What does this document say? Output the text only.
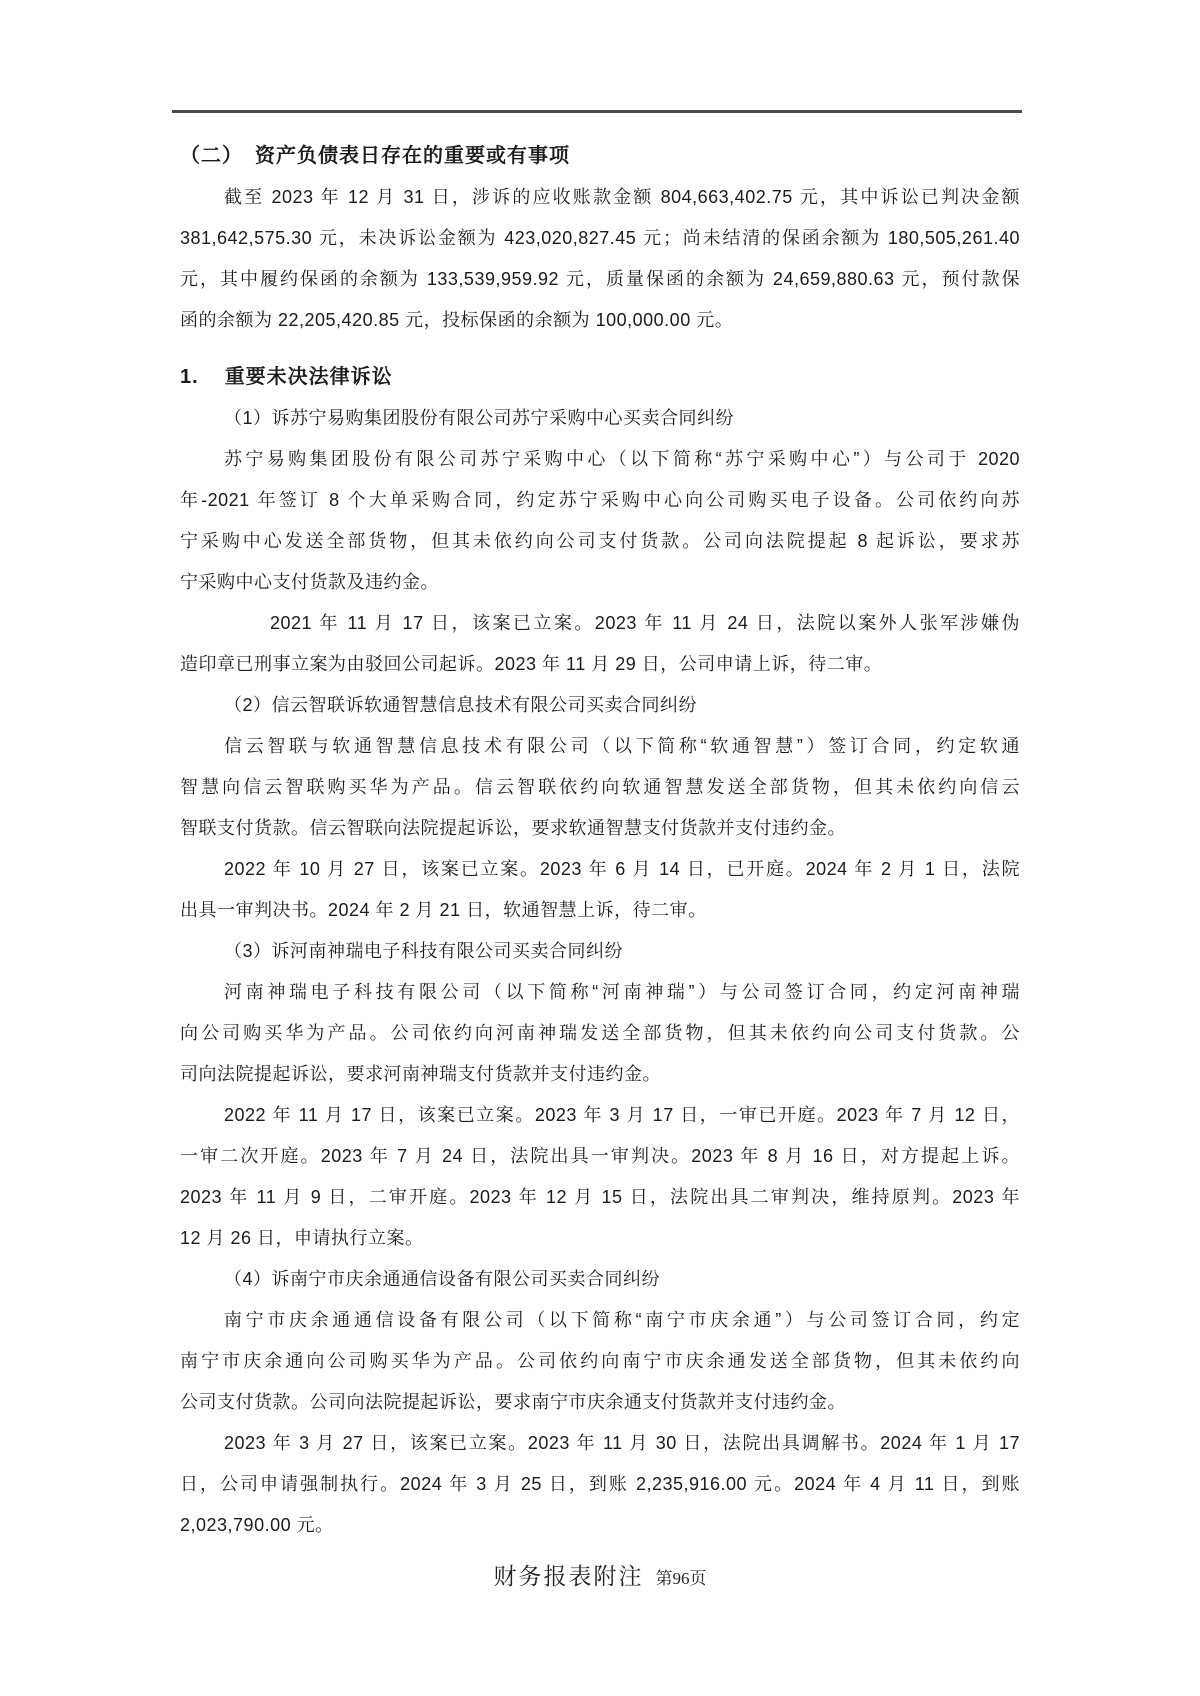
（二） 资产负债表日存在的重要或有事项
截至 2023 年 12 月 31 日，涉诉的应收账款金额 804,663,402.75 元，其中诉讼已判决金额
381,642,575.30 元，未决诉讼金额为 423,020,827.45 元；尚未结清的保函余额为 180,505,261.40
元，其中履约保函的余额为 133,539,959.92 元，质量保函的余额为 24,659,880.63 元，预付款保
函的余额为 22,205,420.85 元，投标保函的余额为 100,000.00 元。
1. 重要未决法律诉讼
（1）诉苏宁易购集团股份有限公司苏宁采购中心买卖合同纠纷
苏宁易购集团股份有限公司苏宁采购中心（以下简称“苏宁采购中心”）与公司于 2020
年-2021 年签订 8 个大单采购合同，约定苏宁采购中心向公司购买电子设备。公司依约向苏
宁采购中心发送全部货物，但其未依约向公司支付货款。公司向法院提起 8 起诉讼，要求苏
宁采购中心支付货款及违约金。
2021 年 11 月 17 日，该案已立案。2023 年 11 月 24 日，法院以案外人张军涉嫌伪
造印章已刑事立案为由驳回公司起诉。2023 年 11 月 29 日，公司申请上诉，待二审。
（2）信云智联诉软通智慧信息技术有限公司买卖合同纠纷
信云智联与软通智慧信息技术有限公司（以下简称“软通智慧”）签订合同，约定软通
智慧向信云智联购买华为产品。信云智联依约向软通智慧发送全部货物，但其未依约向信云
智联支付货款。信云智联向法院提起诉讼，要求软通智慧支付货款并支付违约金。
2022 年 10 月 27 日，该案已立案。2023 年 6 月 14 日，已开庭。2024 年 2 月 1 日，法院
出具一审判决书。2024 年 2 月 21 日，软通智慧上诉，待二审。
（3）诉河南神瑞电子科技有限公司买卖合同纠纷
河南神瑞电子科技有限公司（以下简称“河南神瑞”）与公司签订合同，约定河南神瑞
向公司购买华为产品。公司依约向河南神瑞发送全部货物，但其未依约向公司支付货款。公
司向法院提起诉讼，要求河南神瑞支付货款并支付违约金。
2022 年 11 月 17 日，该案已立案。2023 年 3 月 17 日，一审已开庭。2023 年 7 月 12 日，
一审二次开庭。2023 年 7 月 24 日，法院出具一审判决。2023 年 8 月 16 日，对方提起上诉。
2023 年 11 月 9 日，二审开庭。2023 年 12 月 15 日，法院出具二审判决，维持原判。2023 年
12 月 26 日，申请执行立案。
（4）诉南宁市庆余通通信设备有限公司买卖合同纠纷
南宁市庆余通通信设备有限公司（以下简称“南宁市庆余通”）与公司签订合同，约定
南宁市庆余通向公司购买华为产品。公司依约向南宁市庆余通发送全部货物，但其未依约向
公司支付货款。公司向法院提起诉讼，要求南宁市庆余通支付货款并支付违约金。
2023 年 3 月 27 日，该案已立案。2023 年 11 月 30 日，法院出具调解书。2024 年 1 月 17
日，公司申请强制执行。2024 年 3 月 25 日，到账 2,235,916.00 元。2024 年 4 月 11 日，到账
2,023,790.00 元。
财务报表附注 第96页
